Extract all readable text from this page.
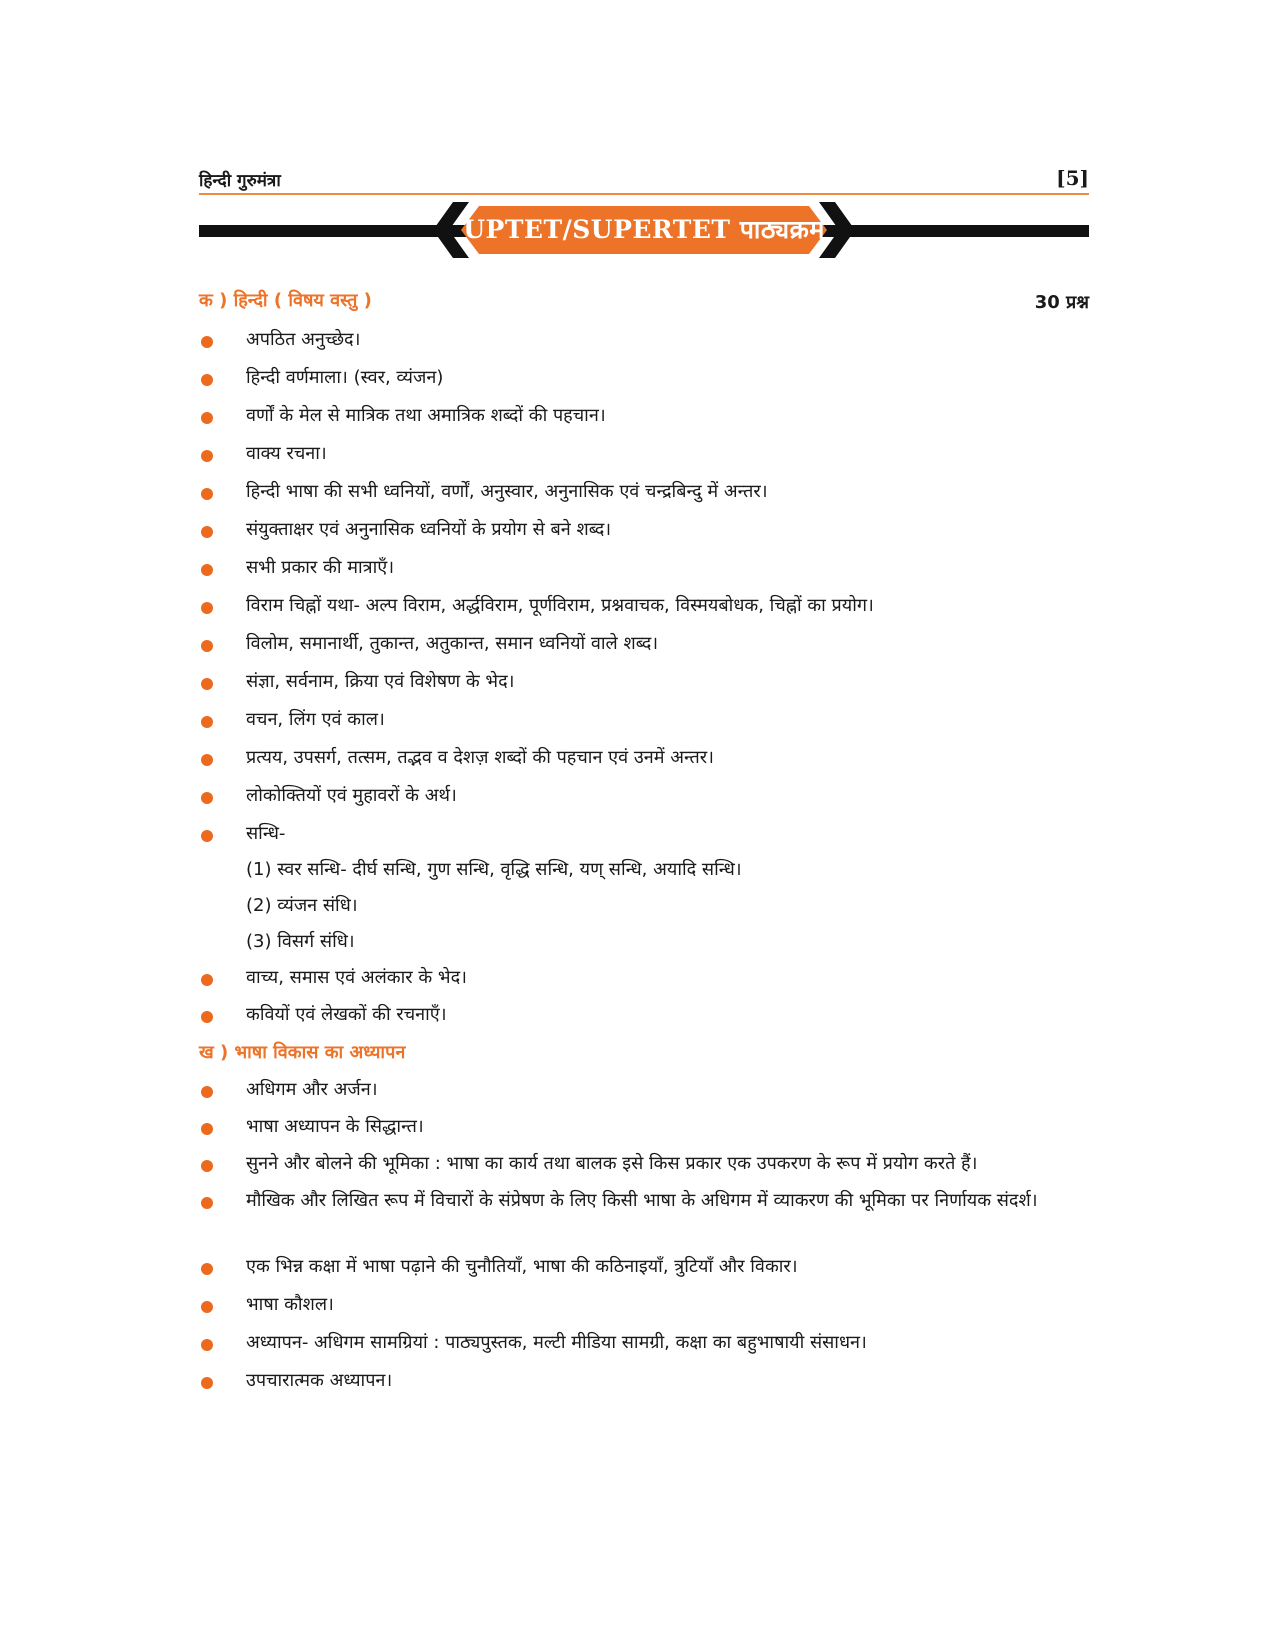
हिन्दी गुरुमंत्रा	[5]
UPTET/SUPERTET पाठ्यक्रम
क ) हिन्दी ( विषय वस्तु )	30 प्रश्न
अपठित अनुच्छेद।
हिन्दी वर्णमाला। (स्वर, व्यंजन)
वर्णों के मेल से मात्रिक तथा अमात्रिक शब्दों की पहचान।
वाक्य रचना।
हिन्दी भाषा की सभी ध्वनियों, वर्णों, अनुस्वार, अनुनासिक एवं चन्द्रबिन्दु में अन्तर।
संयुक्ताक्षर एवं अनुनासिक ध्वनियों के प्रयोग से बने शब्द।
सभी प्रकार की मात्राएँ।
विराम चिह्नों यथा- अल्प विराम, अर्द्धविराम, पूर्णविराम, प्रश्नवाचक, विस्मयबोधक, चिह्नों का प्रयोग।
विलोम, समानार्थी, तुकान्त, अतुकान्त, समान ध्वनियों वाले शब्द।
संज्ञा, सर्वनाम, क्रिया एवं विशेषण के भेद।
वचन, लिंग एवं काल।
प्रत्यय, उपसर्ग, तत्सम, तद्भव व देशज़ शब्दों की पहचान एवं उनमें अन्तर।
लोकोक्तियों एवं मुहावरों के अर्थ।
सन्धि-
(1) स्वर सन्धि- दीर्घ सन्धि, गुण सन्धि, वृद्धि सन्धि, यण् सन्धि, अयादि सन्धि।
(2) व्यंजन संधि।
(3) विसर्ग संधि।
वाच्य, समास एवं अलंकार के भेद।
कवियों एवं लेखकों की रचनाएँ।
ख ) भाषा विकास का अध्यापन
अधिगम और अर्जन।
भाषा अध्यापन के सिद्धान्त।
सुनने और बोलने की भूमिका : भाषा का कार्य तथा बालक इसे किस प्रकार एक उपकरण के रूप में प्रयोग करते हैं।
मौखिक और लिखित रूप में विचारों के संप्रेषण के लिए किसी भाषा के अधिगम में व्याकरण की भूमिका पर निर्णायक संदर्श।
एक भिन्न कक्षा में भाषा पढ़ाने की चुनौतियाँ, भाषा की कठिनाइयाँ, त्रुटियाँ और विकार।
भाषा कौशल।
अध्यापन- अधिगम सामग्रियां : पाठ्यपुस्तक, मल्टी मीडिया सामग्री, कक्षा का बहुभाषायी संसाधन।
उपचारात्मक अध्यापन।
